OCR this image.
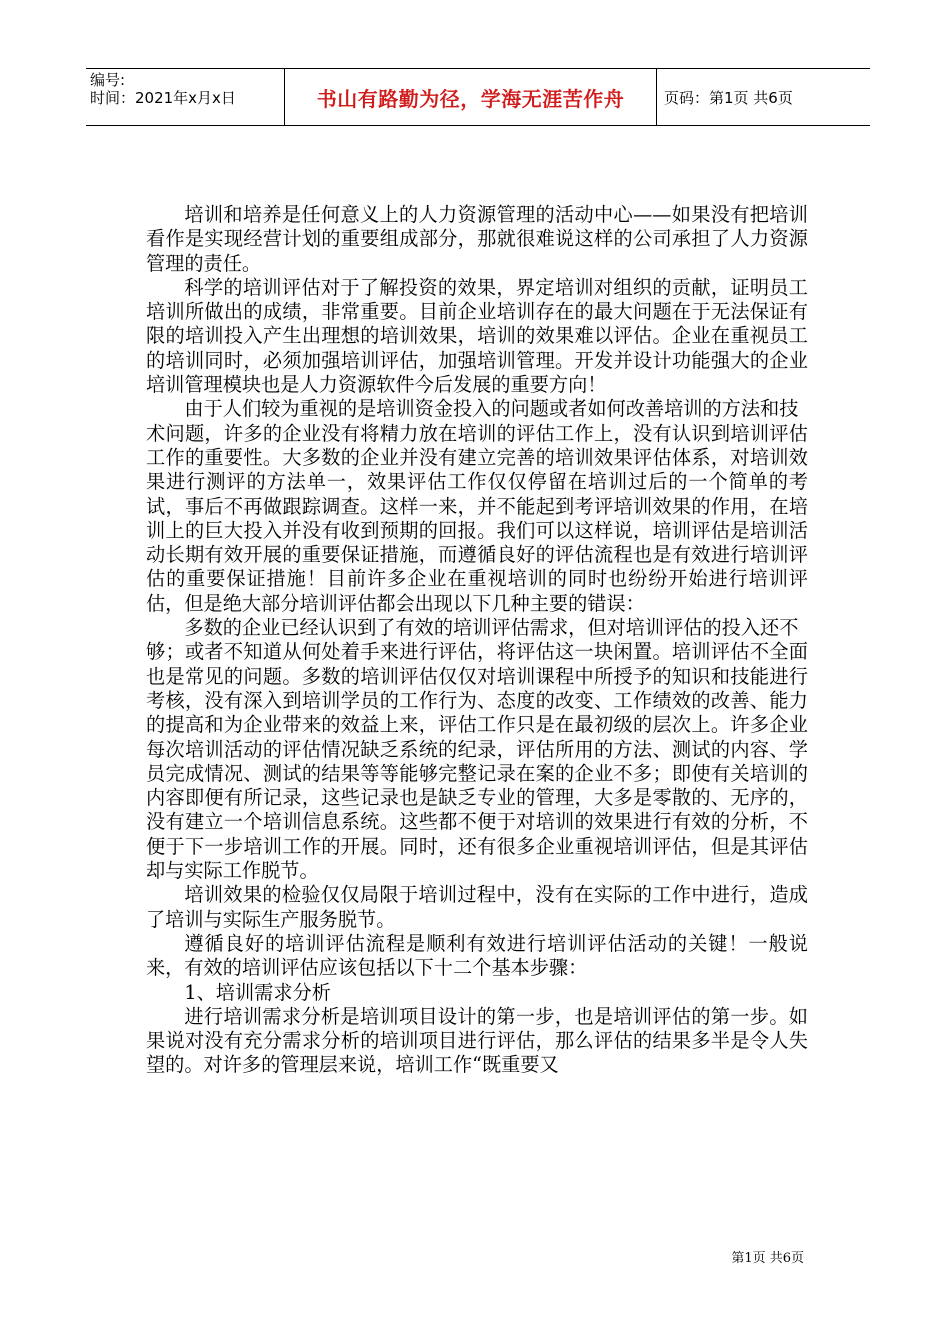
编号:
时间：2021年x月x日	书山有路勤为径，学海无涯苦作舟	页码：第1页 共6页

培训和培养是任何意义上的人力资源管理的活动中心——如果没有把培训看作是实现经营计划的重要组成部分，那就很难说这样的公司承担了人力资源管理的责任。

科学的培训评估对于了解投资的效果，界定培训对组织的贡献，证明员工培训所做出的成绩，非常重要。目前企业培训存在的最大问题在于无法保证有限的培训投入产生出理想的培训效果，培训的效果难以评估。企业在重视员工的培训同时，必须加强培训评估，加强培训管理。开发并设计功能强大的企业培训管理模块也是人力资源软件今后发展的重要方向！

由于人们较为重视的是培训资金投入的问题或者如何改善培训的方法和技

术问题，许多的企业没有将精力放在培训的评估工作上，没有认识到培训评估工作的重要性。大多数的企业并没有建立完善的培训效果评估体系，对培训效果进行测评的方法单一，效果评估工作仅仅停留在培训过后的一个简单的考试，事后不再做跟踪调查。这样一来，并不能起到考评培训效果的作用，在培训上的巨大投入并没有收到预期的回报。我们可以这样说，培训评估是培训活动长期有效开展的重要保证措施，而遵循良好的评估流程也是有效进行培训评估的重要保证措施！目前许多企业在重视培训的同时也纷纷开始进行培训评估，但是绝大部分培训评估都会出现以下几种主要的错误：

多数的企业已经认识到了有效的培训评估需求，但对培训评估的投入还不

够；或者不知道从何处着手来进行评估，将评估这一块闲置。培训评估不全面也是常见的问题。多数的培训评估仅仅对培训课程中所授予的知识和技能进行考核，没有深入到培训学员的工作行为、态度的改变、工作绩效的改善、能力的提高和为企业带来的效益上来，评估工作只是在最初级的层次上。许多企业每次培训活动的评估情况缺乏系统的纪录，评估所用的方法、测试的内容、学员完成情况、测试的结果等等能够完整记录在案的企业不多；即使有关培训的内容即便有所记录，这些记录也是缺乏专业的管理，大多是零散的、无序的，没有建立一个培训信息系统。这些都不便于对培训的效果进行有效的分析，不便于下一步培训工作的开展。同时，还有很多企业重视培训评估，但是其评估却与实际工作脱节。

培训效果的检验仅仅局限于培训过程中，没有在实际的工作中进行，造成了培训与实际生产服务脱节。

遵循良好的培训评估流程是顺利有效进行培训评估活动的关键！一般说来，有效的培训评估应该包括以下十二个基本步骤：

1、培训需求分析

进行培训需求分析是培训项目设计的第一步，也是培训评估的第一步。如果说对没有充分需求分析的培训项目进行评估，那么评估的结果多半是令人失望的。对许多的管理层来说，培训工作“既重要又

第1页 共6页
